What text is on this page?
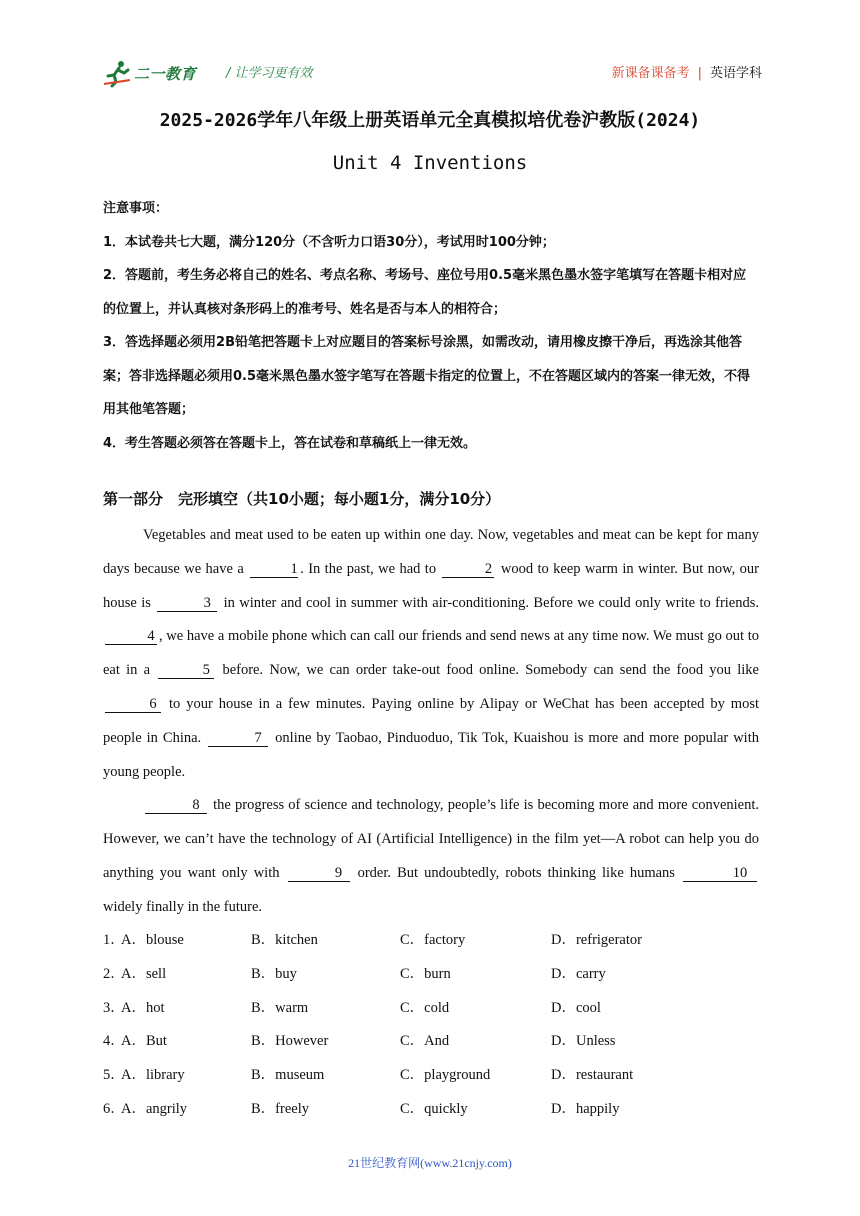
二一教育 / 让学习更有效	新课备课备考 | 英语学科
2025-2026学年八年级上册英语单元全真模拟培优卷沪教版(2024)
Unit 4 Inventions

注意事项：

1．本试卷共七大题，满分120分（不含听力口语30分），考试用时100分钟；

2．答题前，考生务必将自己的姓名、考点名称、考场号、座位号用0.5毫米黑色墨水签字笔填写在答题卡相对应的位置上，并认真核对条形码上的准考号、姓名是否与本人的相符合；

3．答选择题必须用2B铅笔把答题卡上对应题目的答案标号涂黑，如需改动，请用橡皮擦干净后，再选涂其他答案；答非选择题必须用0.5毫米黑色墨水签字笔写在答题卡指定的位置上，不在答题区域内的答案一律无效，不得用其他笔答题；

4．考生答题必须答在答题卡上，答在试卷和草稿纸上一律无效。

第一部分　完形填空（共10小题；每小题1分，满分10分）

Vegetables and meat used to be eaten up within one day. Now, vegetables and meat can be kept for many days because we have a	1 . In the past, we had to	2 wood to keep warm in winter. But now, our house is	3 in winter and cool in summer with air-conditioning. Before we could only write to friends. 4 , we have a mobile phone which can call our friends and send news at any time now. We must go out to eat in a	5 before. Now, we can order take-out food online. Somebody can send the food you like 6 to your house in a few minutes. Paying online by Alipay or WeChat has been accepted by most people in China.	7 online by Taobao, Pinduoduo, Tik Tok, Kuaishou is more and more popular with young people.

8 the progress of science and technology, people’s life is becoming more and more convenient. However, we can’t have the technology of AI (Artificial Intelligence) in the film yet—A robot can help you do anything you want only with	9 order. But undoubtedly, robots thinking like humans	10 widely finally in the future.

1．
A．blouse	B．kitchen	C．factory	D．refrigerator
2．
A．sell	B．buy	C．burn	D．carry
3．
A．hot	B．warm	C．cold	D．cool
4．
A．But	B．However	C．And	D．Unless
5．
A．library	B．museum	C．playground	D．restaurant
6．
A．angrily	B．freely	C．quickly	D．happily
21世纪教育网(www.21cnjy.com)
